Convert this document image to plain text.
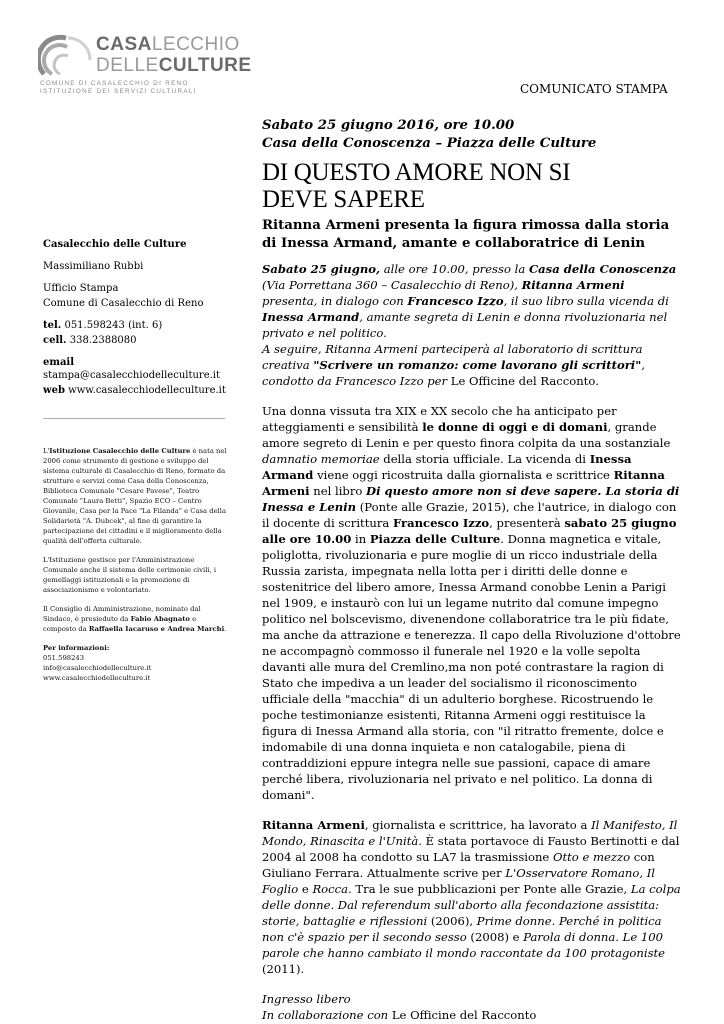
CASALECCHIO
DELLECULTURE
COMUNE DI CASALECCHIO DI RENO
ISTITUZIONE DEI SERVIZI CULTURALI	COMUNICATO STAMPA

Casalecchio delle Culture

Massimiliano Rubbi

Ufficio Stampa

Comune di Casalecchio di Reno

tel. 051.598243 (int. 6)

cell. 338.2388080

email stampa@casalecchiodelleculture.it

web www.casalecchiodelleculture.it

L'Istituzione Casalecchio delle Culture è nata nel 2006 come strumento di gestione e sviluppo del sistema culturale di Casalecchio di Reno, formato da strutture e servizi come Casa della Conoscenza, Biblioteca Comunale "Cesare Pavese", Teatro Comunale "Laura Betti", Spazio ECO – Centro Giovanile, Casa per la Pace "La Filanda" e Casa della Solidarietà "A. Dubcek", al fine di garantire la partecipazione dei cittadini e il miglioramento della qualità dell'offerta culturale.

L'Istituzione gestisce per l'Amministrazione Comunale anche il sistema delle cerimonie civili, i gemellaggi istituzionali e la promozione di associazionismo e volontariato.

Il Consiglio di Amministrazione, nominato dal Sindaco, è presieduto da Fabio Abagnato e composto da Raffaella Iacaruso e Andrea Marchi.

Per informazioni:
051.598243
info@casalecchiodelleculture.it
www.casalecchiodelleculture.it

Sabato 25 giugno 2016, ore 10.00
Casa della Conoscenza – Piazza delle Culture
DI QUESTO AMORE NON SI
DEVE SAPERE
Ritanna Armeni presenta la figura rimossa dalla storia di Inessa Armand, amante e collaboratrice di Lenin
Sabato 25 giugno, alle ore 10.00, presso la Casa della Conoscenza (Via Porrettana 360 – Casalecchio di Reno), Ritanna Armeni presenta, in dialogo con Francesco Izzo, il suo libro sulla vicenda di Inessa Armand, amante segreta di Lenin e donna rivoluzionaria nel privato e nel politico.
A seguire, Ritanna Armeni parteciperà al laboratorio di scrittura creativa "Scrivere un romanzo: come lavorano gli scrittori", condotto da Francesco Izzo per Le Officine del Racconto.
Una donna vissuta tra XIX e XX secolo che ha anticipato per atteggiamenti e sensibilità le donne di oggi e di domani, grande amore segreto di Lenin e per questo finora colpita da una sostanziale damnatio memoriae della storia ufficiale. La vicenda di Inessa Armand viene oggi ricostruita dalla giornalista e scrittrice Ritanna Armeni nel libro Di questo amore non si deve sapere. La storia di Inessa e Lenin (Ponte alle Grazie, 2015), che l'autrice, in dialogo con il docente di scrittura Francesco Izzo, presenterà sabato 25 giugno alle ore 10.00 in Piazza delle Culture. Donna magnetica e vitale, poliglotta, rivoluzionaria e pure moglie di un ricco industriale della Russia zarista, impegnata nella lotta per i diritti delle donne e sostenitrice del libero amore, Inessa Armand conobbe Lenin a Parigi nel 1909, e instaurò con lui un legame nutrito dal comune impegno politico nel bolscevismo, divenendone collaboratrice tra le più fidate, ma anche da attrazione e tenerezza. Il capo della Rivoluzione d'ottobre ne accompagnò commosso il funerale nel 1920 e la volle sepolta davanti alle mura del Cremlino,ma non poté contrastare la ragion di Stato che impediva a un leader del socialismo il riconoscimento ufficiale della "macchia" di un adulterio borghese. Ricostruendo le poche testimonianze esistenti, Ritanna Armeni oggi restituisce la figura di Inessa Armand alla storia, con "il ritratto fremente, dolce e indomabile di una donna inquieta e non catalogabile, piena di contraddizioni eppure integra nelle sue passioni, capace di amare perché libera, rivoluzionaria nel privato e nel politico. La donna di domani".
Ritanna Armeni, giornalista e scrittrice, ha lavorato a Il Manifesto, Il Mondo, Rinascita e l'Unità. È stata portavoce di Fausto Bertinotti e dal 2004 al 2008 ha condotto su LA7 la trasmissione Otto e mezzo con Giuliano Ferrara. Attualmente scrive per L'Osservatore Romano, Il Foglio e Rocca. Tra le sue pubblicazioni per Ponte alle Grazie, La colpa delle donne. Dal referendum sull'aborto alla fecondazione assistita: storie, battaglie e riflessioni (2006), Prime donne. Perché in politica non c'è spazio per il secondo sesso (2008) e Parola di donna. Le 100 parole che hanno cambiato il mondo raccontate da 100 protagoniste (2011).
Ingresso libero
In collaborazione con Le Officine del Racconto
